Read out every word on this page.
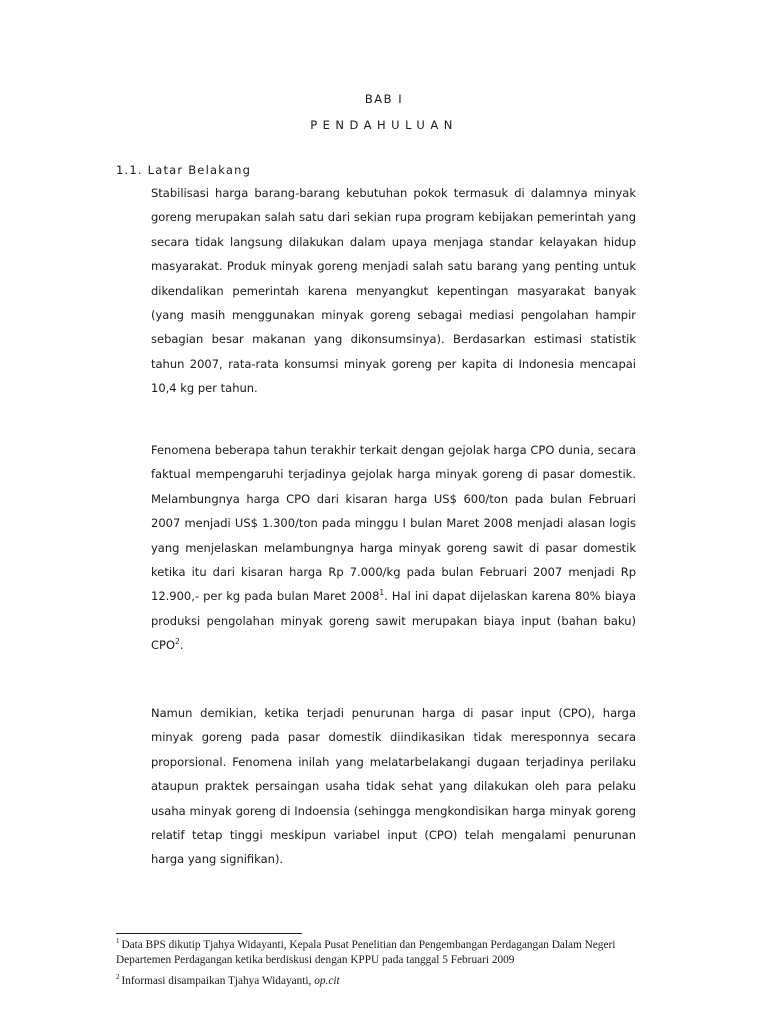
BAB I
PENDAHULUAN
1.1. Latar Belakang

Stabilisasi harga barang-barang kebutuhan pokok termasuk di dalamnya minyak goreng merupakan salah satu dari sekian rupa program kebijakan pemerintah yang secara tidak langsung dilakukan dalam upaya menjaga standar kelayakan hidup masyarakat. Produk minyak goreng menjadi salah satu barang yang penting untuk dikendalikan pemerintah karena menyangkut kepentingan masyarakat banyak (yang masih menggunakan minyak goreng sebagai mediasi pengolahan hampir sebagian besar makanan yang dikonsumsinya). Berdasarkan estimasi statistik tahun 2007, rata-rata konsumsi minyak goreng per kapita di Indonesia mencapai 10,4 kg per tahun.

Fenomena beberapa tahun terakhir terkait dengan gejolak harga CPO dunia, secara faktual mempengaruhi terjadinya gejolak harga minyak goreng di pasar domestik. Melambungnya harga CPO dari kisaran harga US$ 600/ton pada bulan Februari 2007 menjadi US$ 1.300/ton pada minggu I bulan Maret 2008 menjadi alasan logis yang menjelaskan melambungnya harga minyak goreng sawit di pasar domestik ketika itu dari kisaran harga Rp 7.000/kg pada bulan Februari 2007 menjadi Rp 12.900,- per kg pada bulan Maret 2008$^1$. Hal ini dapat dijelaskan karena 80% biaya produksi pengolahan minyak goreng sawit merupakan biaya input (bahan baku) CPO$^2$.

Namun demikian, ketika terjadi penurunan harga di pasar input (CPO), harga minyak goreng pada pasar domestik diindikasikan tidak meresponnya secara proporsional. Fenomena inilah yang melatarbelakangi dugaan terjadinya perilaku ataupun praktek persaingan usaha tidak sehat yang dilakukan oleh para pelaku usaha minyak goreng di Indoensia (sehingga mengkondisikan harga minyak goreng relatif tetap tinggi meskipun variabel input (CPO) telah mengalami penurunan harga yang signifikan).

$^1$ Data BPS dikutip Tjahya Widayanti, Kepala Pusat Penelitian dan Pengembangan Perdagangan Dalam Negeri Departemen Perdagangan ketika berdiskusi dengan KPPU pada tanggal 5 Februari 2009

$^2$ Informasi disampaikan Tjahya Widayanti, op.cit
